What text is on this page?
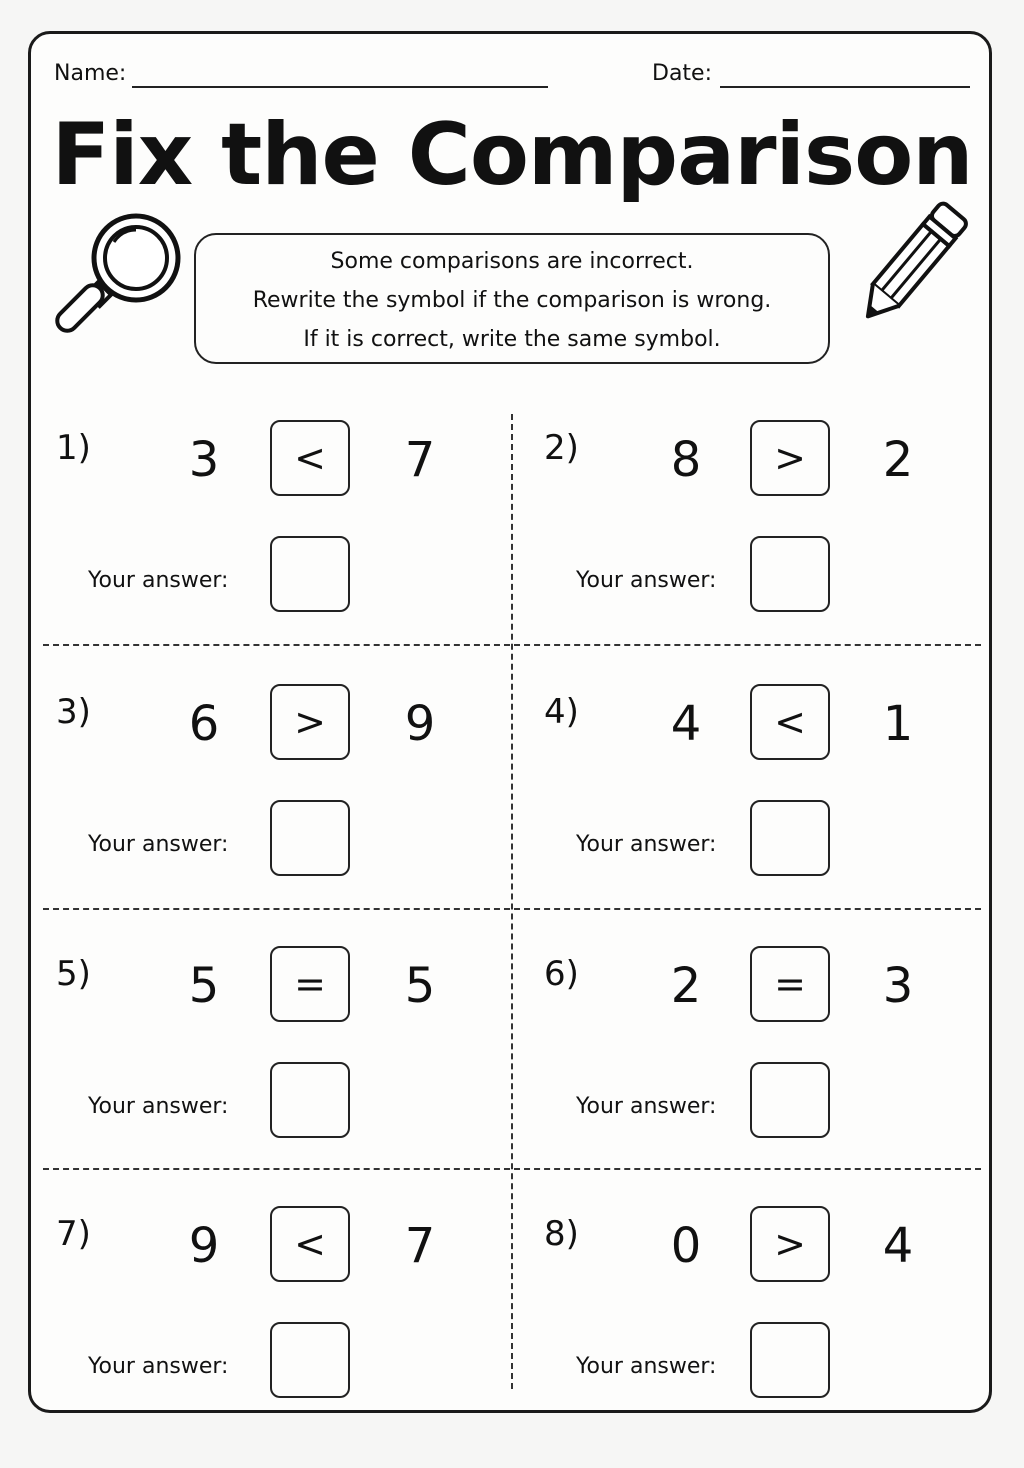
Name:	Date:
Fix the Comparison
Some comparisons are incorrect.
Rewrite the symbol if the comparison is wrong.
If it is correct, write the same symbol.
1)	3	<	7
Your answer:
2)	8	>	2
Your answer:
3)	6	>	9
Your answer:
4)	4	<	1
Your answer:
5)	5	=	5
Your answer:
6)	2	=	3
Your answer:
7)	9	<	7
Your answer:
8)	0	>	4
Your answer:
